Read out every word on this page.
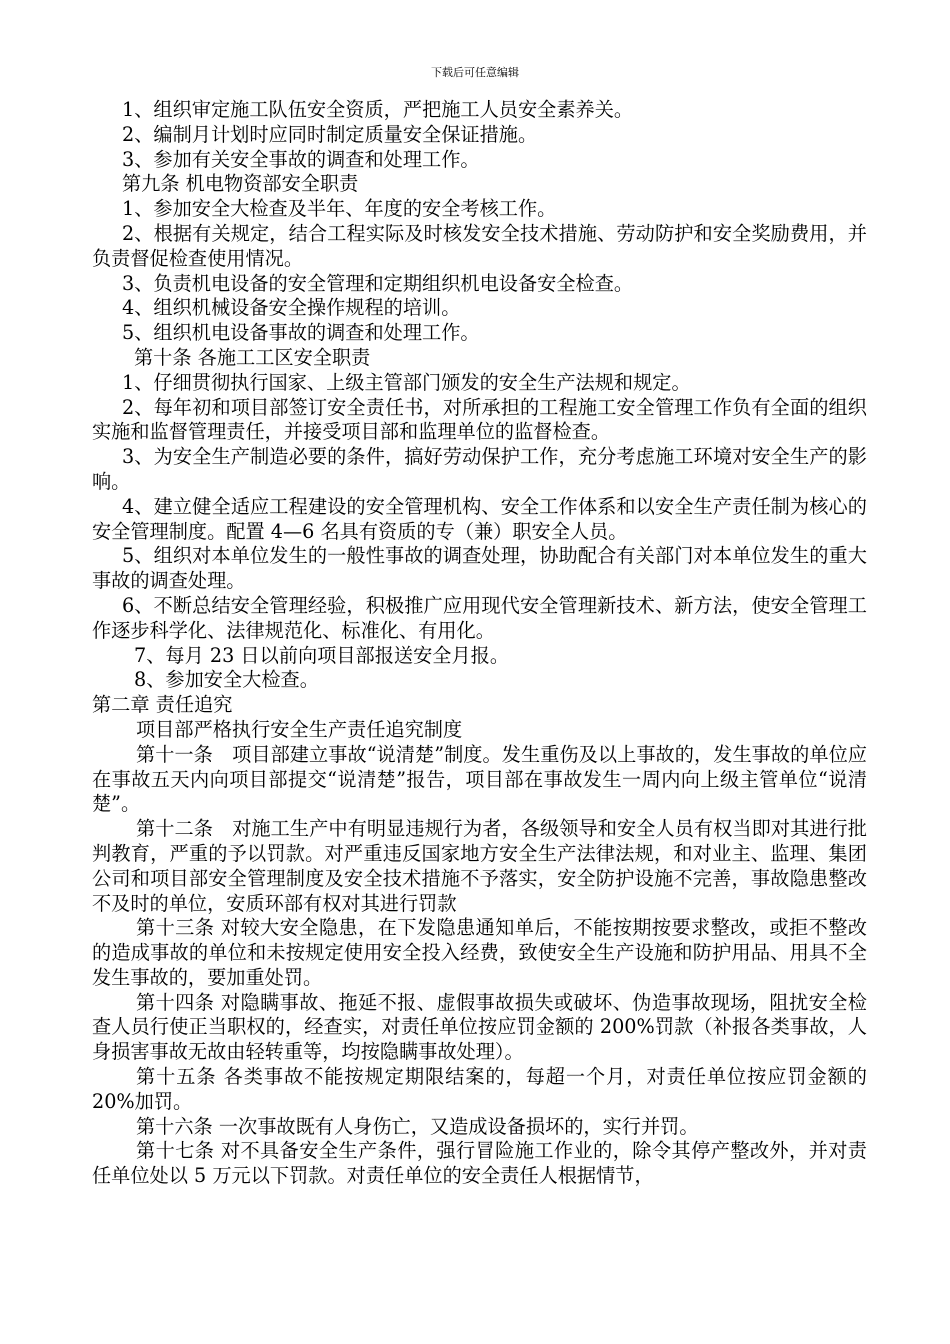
下载后可任意编辑

1、组织审定施工队伍安全资质，严把施工人员安全素养关。

2、编制月计划时应同时制定质量安全保证措施。

3、参加有关安全事故的调查和处理工作。

第九条 机电物资部安全职责

1、参加安全大检查及半年、年度的安全考核工作。

2、根据有关规定，结合工程实际及时核发安全技术措施、劳动防护和安全奖励费用，并负责督促检查使用情况。

3、负责机电设备的安全管理和定期组织机电设备安全检查。

4、组织机械设备安全操作规程的培训。

5、组织机电设备事故的调查和处理工作。

第十条 各施工工区安全职责

1、仔细贯彻执行国家、上级主管部门颁发的安全生产法规和规定。

2、每年初和项目部签订安全责任书，对所承担的工程施工安全管理工作负有全面的组织实施和监督管理责任，并接受项目部和监理单位的监督检查。

3、为安全生产制造必要的条件，搞好劳动保护工作，充分考虑施工环境对安全生产的影响。

4、建立健全适应工程建设的安全管理机构、安全工作体系和以安全生产责任制为核心的安全管理制度。配置 4—6 名具有资质的专（兼）职安全人员。

5、组织对本单位发生的一般性事故的调查处理，协助配合有关部门对本单位发生的重大事故的调查处理。

6、不断总结安全管理经验，积极推广应用现代安全管理新技术、新方法，使安全管理工作逐步科学化、法律规范化、标准化、有用化。

7、每月 23 日以前向项目部报送安全月报。

8、参加安全大检查。

第二章 责任追究

项目部严格执行安全生产责任追究制度

第十一条　项目部建立事故“说清楚”制度。发生重伤及以上事故的，发生事故的单位应在事故五天内向项目部提交“说清楚”报告，项目部在事故发生一周内向上级主管单位“说清楚”。

第十二条　对施工生产中有明显违规行为者，各级领导和安全人员有权当即对其进行批判教育，严重的予以罚款。对严重违反国家地方安全生产法律法规，和对业主、监理、集团公司和项目部安全管理制度及安全技术措施不予落实，安全防护设施不完善，事故隐患整改不及时的单位，安质环部有权对其进行罚款

第十三条 对较大安全隐患，在下发隐患通知单后，不能按期按要求整改，或拒不整改的造成事故的单位和未按规定使用安全投入经费，致使安全生产设施和防护用品、用具不全发生事故的，要加重处罚。

第十四条 对隐瞒事故、拖延不报、虚假事故损失或破坏、伪造事故现场，阻扰安全检查人员行使正当职权的，经查实，对责任单位按应罚金额的 200%罚款（补报各类事故，人身损害事故无故由轻转重等，均按隐瞒事故处理）。

第十五条 各类事故不能按规定期限结案的，每超一个月，对责任单位按应罚金额的 20%加罚。

第十六条 一次事故既有人身伤亡，又造成设备损坏的，实行并罚。

第十七条 对不具备安全生产条件，强行冒险施工作业的，除令其停产整改外，并对责任单位处以 5 万元以下罚款。对责任单位的安全责任人根据情节，
